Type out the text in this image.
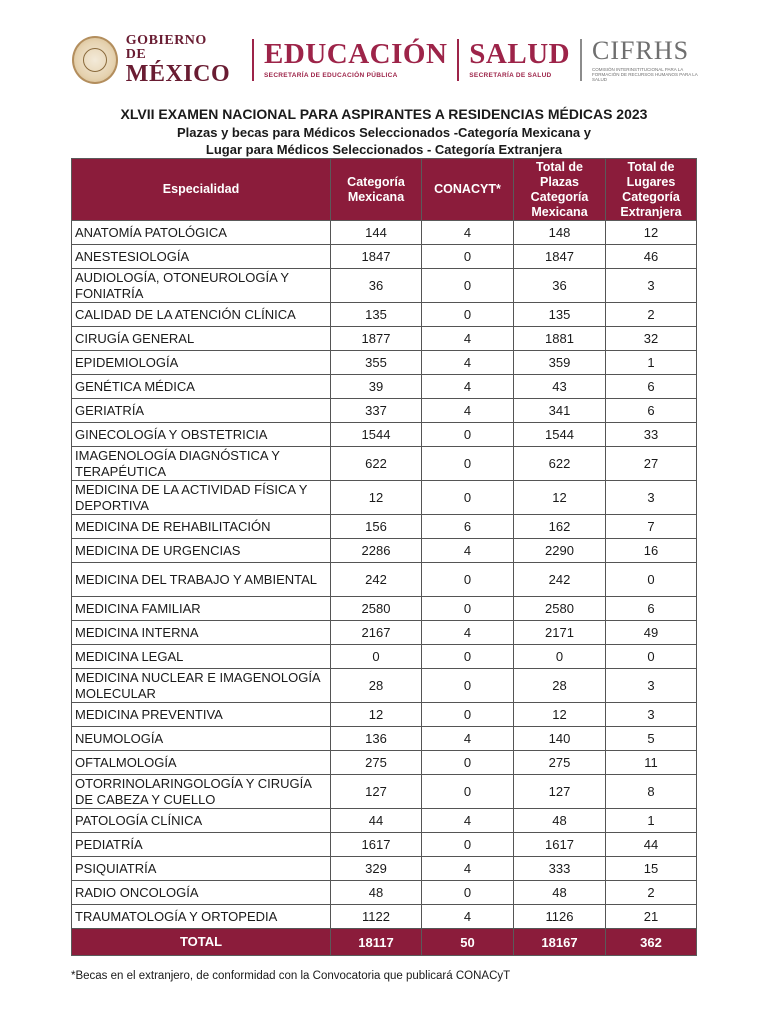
GOBIERNO DE
MÉXICO
EDUCACIÓN
SECRETARÍA DE EDUCACIÓN PÚBLICA
SALUD
SECRETARÍA DE SALUD
CIFRHS
COMISIÓN INTERINSTITUCIONAL PARA LA FORMACIÓN DE RECURSOS HUMANOS PARA LA SALUD
XLVII EXAMEN NACIONAL PARA ASPIRANTES A RESIDENCIAS MÉDICAS 2023
Plazas y becas para Médicos Seleccionados -Categoría Mexicana y
Lugar para Médicos Seleccionados - Categoría Extranjera
Especialidad	Categoría Mexicana	CONACYT*	Total de Plazas Categoría Mexicana	Total de Lugares Categoría Extranjera
ANATOMÍA PATOLÓGICA	144	4	148	12
ANESTESIOLOGÍA	1847	0	1847	46
AUDIOLOGÍA, OTONEUROLOGÍA Y FONIATRÍA	36	0	36	3
CALIDAD DE LA ATENCIÓN CLÍNICA	135	0	135	2
CIRUGÍA GENERAL	1877	4	1881	32
EPIDEMIOLOGÍA	355	4	359	1
GENÉTICA MÉDICA	39	4	43	6
GERIATRÍA	337	4	341	6
GINECOLOGÍA Y OBSTETRICIA	1544	0	1544	33
IMAGENOLOGÍA DIAGNÓSTICA Y TERAPÉUTICA	622	0	622	27
MEDICINA DE LA ACTIVIDAD FÍSICA Y DEPORTIVA	12	0	12	3
MEDICINA DE REHABILITACIÓN	156	6	162	7
MEDICINA DE URGENCIAS	2286	4	2290	16
MEDICINA DEL TRABAJO Y AMBIENTAL	242	0	242	0
MEDICINA FAMILIAR	2580	0	2580	6
MEDICINA INTERNA	2167	4	2171	49
MEDICINA LEGAL	0	0	0	0
MEDICINA NUCLEAR E IMAGENOLOGÍA MOLECULAR	28	0	28	3
MEDICINA PREVENTIVA	12	0	12	3
NEUMOLOGÍA	136	4	140	5
OFTALMOLOGÍA	275	0	275	11
OTORRINOLARINGOLOGÍA Y CIRUGÍA DE CABEZA Y CUELLO	127	0	127	8
PATOLOGÍA CLÍNICA	44	4	48	1
PEDIATRÍA	1617	0	1617	44
PSIQUIATRÍA	329	4	333	15
RADIO ONCOLOGÍA	48	0	48	2
TRAUMATOLOGÍA Y ORTOPEDIA	1122	4	1126	21
TOTAL	18117	50	18167	362
*Becas en el extranjero, de conformidad con la Convocatoria que publicará CONACyT
